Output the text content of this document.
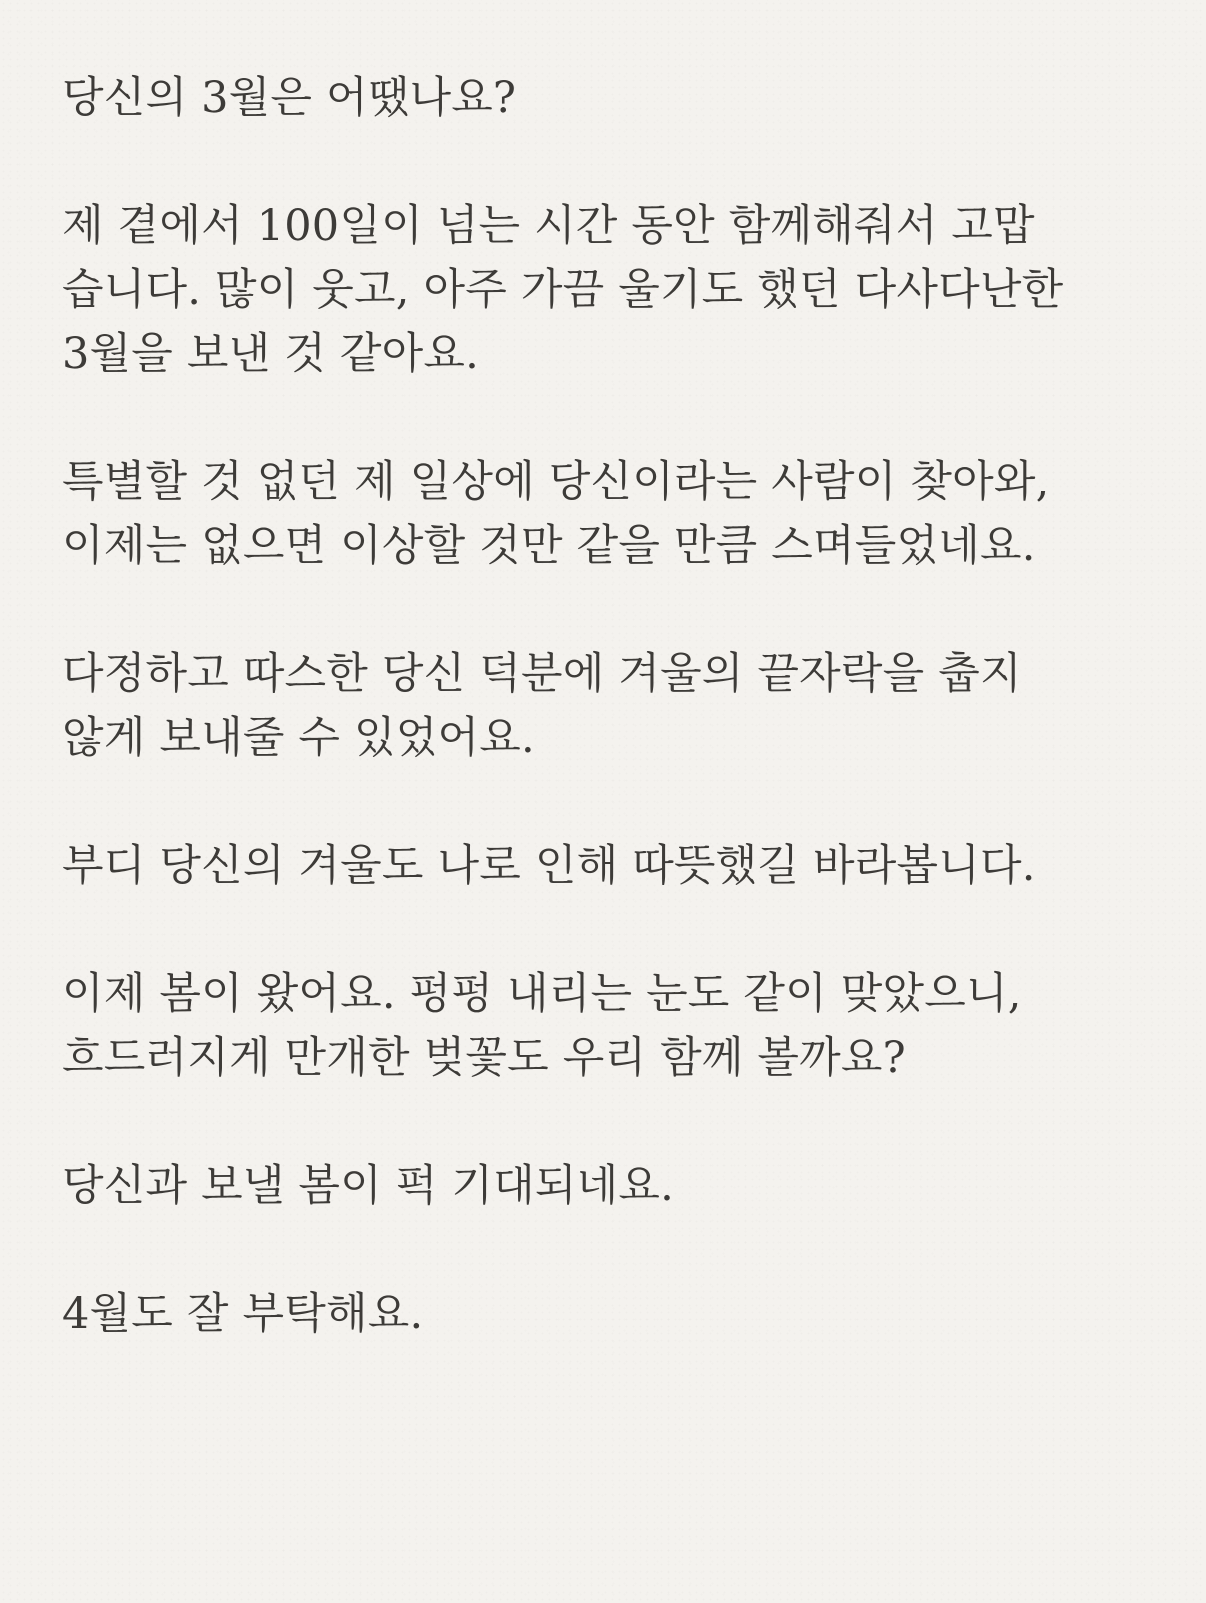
당신의 3월은 어땠나요?
제 곁에서 100일이 넘는 시간 동안 함께해줘서 고맙
습니다. 많이 웃고, 아주 가끔 울기도 했던 다사다난한
3월을 보낸 것 같아요.
특별할 것 없던 제 일상에 당신이라는 사람이 찾아와,
이제는 없으면 이상할 것만 같을 만큼 스며들었네요.
다정하고 따스한 당신 덕분에 겨울의 끝자락을 춥지
않게 보내줄 수 있었어요.
부디 당신의 겨울도 나로 인해 따뜻했길 바라봅니다.
이제 봄이 왔어요. 펑펑 내리는 눈도 같이 맞았으니,
흐드러지게 만개한 벚꽃도 우리 함께 볼까요?
당신과 보낼 봄이 퍽 기대되네요.
4월도 잘 부탁해요.
